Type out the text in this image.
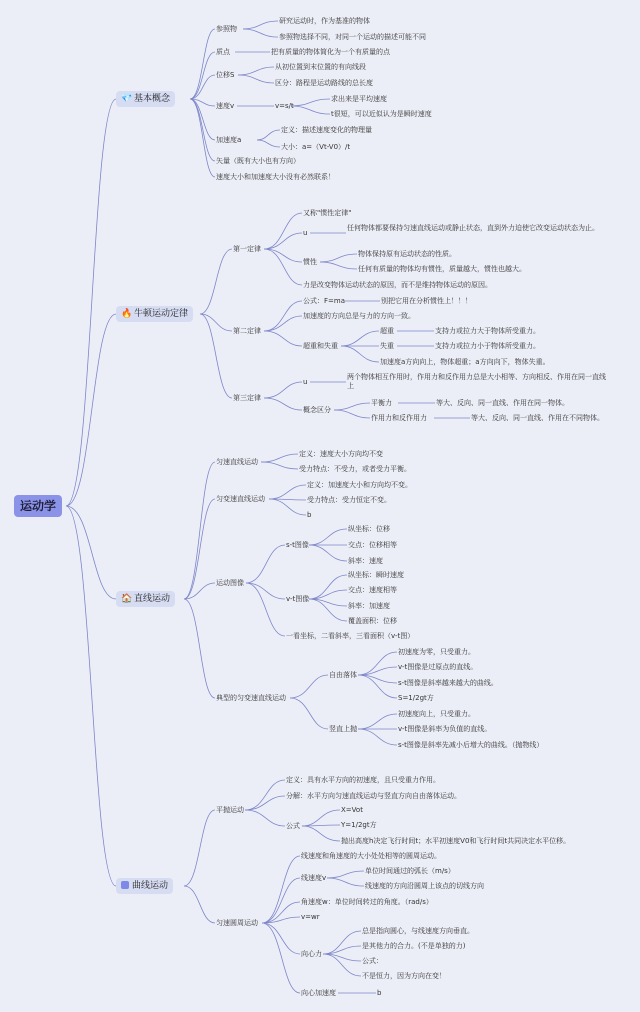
运动学
💎 基本概念
🔥 牛顿运动定律
🏠 直线运动
曲线运动
参照物
研究运动时，作为基准的物体
参照物选择不同，对同一个运动的描述可能不同
质点	把有质量的物体简化为一个有质量的点
位移S
从初位置到末位置的有向线段
区分：路程是运动路线的总长度
速度v	v=s/t
求出来是平均速度
t很短，可以近似认为是瞬时速度
加速度a
定义：描述速度变化的物理量
大小：a=（Vt-V0）/t
矢量（既有大小也有方向）
速度大小和加速度大小没有必然联系！
第一定律
又称"惯性定律"
u
任何物体都要保持匀速直线运动或静止状态，直到外力迫使它改变运动状态为止。
惯性
物体保持原有运动状态的性质。
任何有质量的物体均有惯性，质量越大，惯性也越大。
力是改变物体运动状态的原因，而不是维持物体运动的原因。
第二定律
公式：F=ma	别把它用在分析惯性上！！！
加速度的方向总是与力的方向一致。
超重和失重
超重	支持力或拉力大于物体所受重力。
失重	支持力或拉力小于物体所受重力。
加速度a方向向上，物体超重；a方向向下，物体失重。
第三定律
u
两个物体相互作用时，作用力和反作用力总是大小相等、方向相反、作用在同一直线上
概念区分
平衡力	等大、反向、同一直线、作用在同一物体。
作用力和反作用力	等大、反向、同一直线、作用在不同物体。
匀速直线运动
定义：速度大小方向均不变
受力特点：不受力，或者受力平衡。
匀变速直线运动
定义：加速度大小和方向均不变。
受力特点：受力恒定不变。
b
运动图像
s-t图像
纵坐标：位移
交点：位移相等
斜率：速度
v-t图像
纵坐标：瞬时速度
交点：速度相等
斜率：加速度
覆盖面积：位移
一看坐标，二看斜率，三看面积（v-t图）
典型的匀变速直线运动
自由落体
初速度为零，只受重力。
v-t图像是过原点的直线。
s-t图像是斜率越来越大的曲线。
S=1/2gt方
竖直上抛
初速度向上，只受重力。
v-t图像是斜率为负值的直线。
s-t图像是斜率先减小后增大的曲线。（抛物线）
平抛运动
定义：具有水平方向的初速度，且只受重力作用。
分解：水平方向匀速直线运动与竖直方向自由落体运动。
公式
X=Vot
Y=1/2gt方
抛出高度h决定飞行时间t；水平初速度V0和飞行时间t共同决定水平位移。
匀速圆周运动
线速度和角速度的大小处处相等的圆周运动。
线速度v
单位时间通过的弧长（m/s）
线速度的方向沿圆周上该点的切线方向
角速度w：单位时间转过的角度。（rad/s）
v=wr
向心力
总是指向圆心，与线速度方向垂直。
是其他力的合力。(不是单独的力)
公式：
不是恒力，因为方向在变！
向心加速度	b
